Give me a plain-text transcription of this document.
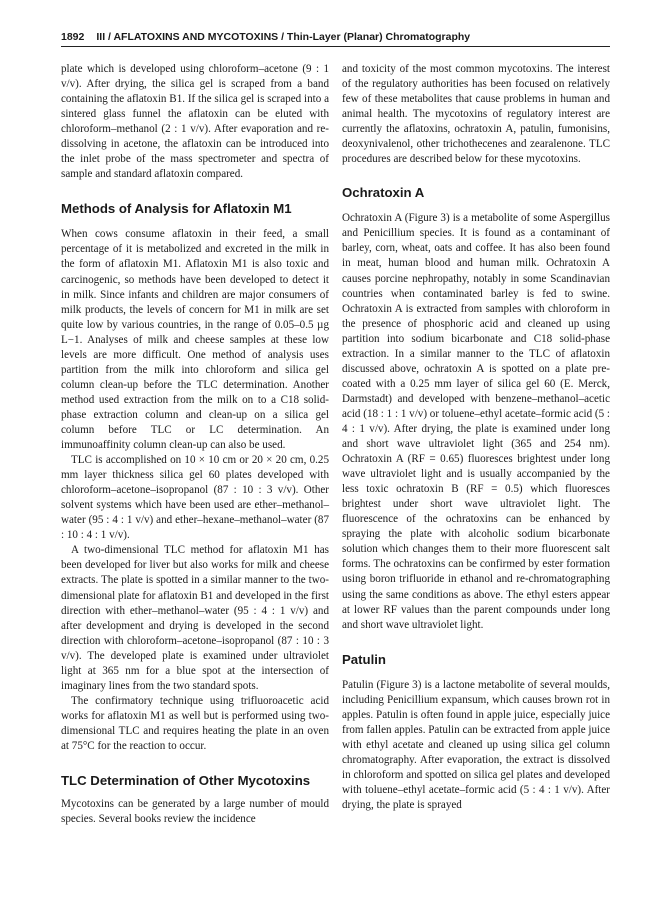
1892 III / AFLATOXINS AND MYCOTOXINS / Thin-Layer (Planar) Chromatography

plate which is developed using chloroform–acetone (9 : 1 v/v). After drying, the silica gel is scraped from a band containing the aflatoxin B1. If the silica gel is scraped into a sintered glass funnel the aflatoxin can be eluted with chloroform–methanol (2 : 1 v/v). After evaporation and re-dissolving in acetone, the aflatoxin can be introduced into the inlet probe of the mass spectrometer and spectra of sample and standard aflatoxin compared.

Methods of Analysis for Aflatoxin M1

When cows consume aflatoxin in their feed, a small percentage of it is metabolized and excreted in the milk in the form of aflatoxin M1. Aflatoxin M1 is also toxic and carcinogenic, so methods have been developed to detect it in milk. Since infants and children are major consumers of milk products, the levels of concern for M1 in milk are set quite low by various countries, in the range of 0.05–0.5 µg L−1. Analyses of milk and cheese samples at these low levels are more difficult. One method of analysis uses partition from the milk into chloroform and silica gel column clean-up before the TLC determination. Another method used extraction from the milk on to a C18 solid-phase extraction column and clean-up on a silica gel column before TLC or LC determination. An immunoaffinity column clean-up can also be used.

TLC is accomplished on 10 × 10 cm or 20 × 20 cm, 0.25 mm layer thickness silica gel 60 plates developed with chloroform–acetone–isopropanol (87 : 10 : 3 v/v). Other solvent systems which have been used are ether–methanol–water (95 : 4 : 1 v/v) and ether–hexane–methanol–water (87 : 10 : 4 : 1 v/v).

A two-dimensional TLC method for aflatoxin M1 has been developed for liver but also works for milk and cheese extracts. The plate is spotted in a similar manner to the two-dimensional plate for aflatoxin B1 and developed in the first direction with ether–methanol–water (95 : 4 : 1 v/v) and after development and drying is developed in the second direction with chloroform–acetone–isopropanol (87 : 10 : 3 v/v). The developed plate is examined under ultraviolet light at 365 nm for a blue spot at the intersection of imaginary lines from the two standard spots.

The confirmatory technique using trifluoroacetic acid works for aflatoxin M1 as well but is performed using two-dimensional TLC and requires heating the plate in an oven at 75°C for the reaction to occur.

TLC Determination of Other Mycotoxins

Mycotoxins can be generated by a large number of mould species. Several books review the incidence

and toxicity of the most common mycotoxins. The interest of the regulatory authorities has been focused on relatively few of these metabolites that cause problems in human and animal health. The mycotoxins of regulatory interest are currently the aflatoxins, ochratoxin A, patulin, fumonisins, deoxynivalenol, other trichothecenes and zearalenone. TLC procedures are described below for these mycotoxins.

Ochratoxin A

Ochratoxin A (Figure 3) is a metabolite of some Aspergillus and Penicillium species. It is found as a contaminant of barley, corn, wheat, oats and coffee. It has also been found in meat, human blood and human milk. Ochratoxin A causes porcine nephropathy, notably in some Scandinavian countries when contaminated barley is fed to swine. Ochratoxin A is extracted from samples with chloroform in the presence of phosphoric acid and cleaned up using partition into sodium bicarbonate and C18 solid-phase extraction. In a similar manner to the TLC of aflatoxin discussed above, ochratoxin A is spotted on a plate pre-coated with a 0.25 mm layer of silica gel 60 (E. Merck, Darmstadt) and developed with benzene–methanol–acetic acid (18 : 1 : 1 v/v) or toluene–ethyl acetate–formic acid (5 : 4 : 1 v/v). After drying, the plate is examined under long and short wave ultraviolet light (365 and 254 nm). Ochratoxin A (RF = 0.65) fluoresces brightest under long wave ultraviolet light and is usually accompanied by the less toxic ochratoxin B (RF = 0.5) which fluoresces brightest under short wave ultraviolet light. The fluorescence of the ochratoxins can be enhanced by spraying the plate with alcoholic sodium bicarbonate solution which changes them to their more fluorescent salt forms. The ochratoxins can be confirmed by ester formation using boron trifluoride in ethanol and re-chromatographing using the same conditions as above. The ethyl esters appear at lower RF values than the parent compounds under long and short wave ultraviolet light.

Patulin

Patulin (Figure 3) is a lactone metabolite of several moulds, including Penicillium expansum, which causes brown rot in apples. Patulin is often found in apple juice, especially juice from fallen apples. Patulin can be extracted from apple juice with ethyl acetate and cleaned up using silica gel column chromatography. After evaporation, the extract is dissolved in chloroform and spotted on silica gel plates and developed with toluene–ethyl acetate–formic acid (5 : 4 : 1 v/v). After drying, the plate is sprayed
